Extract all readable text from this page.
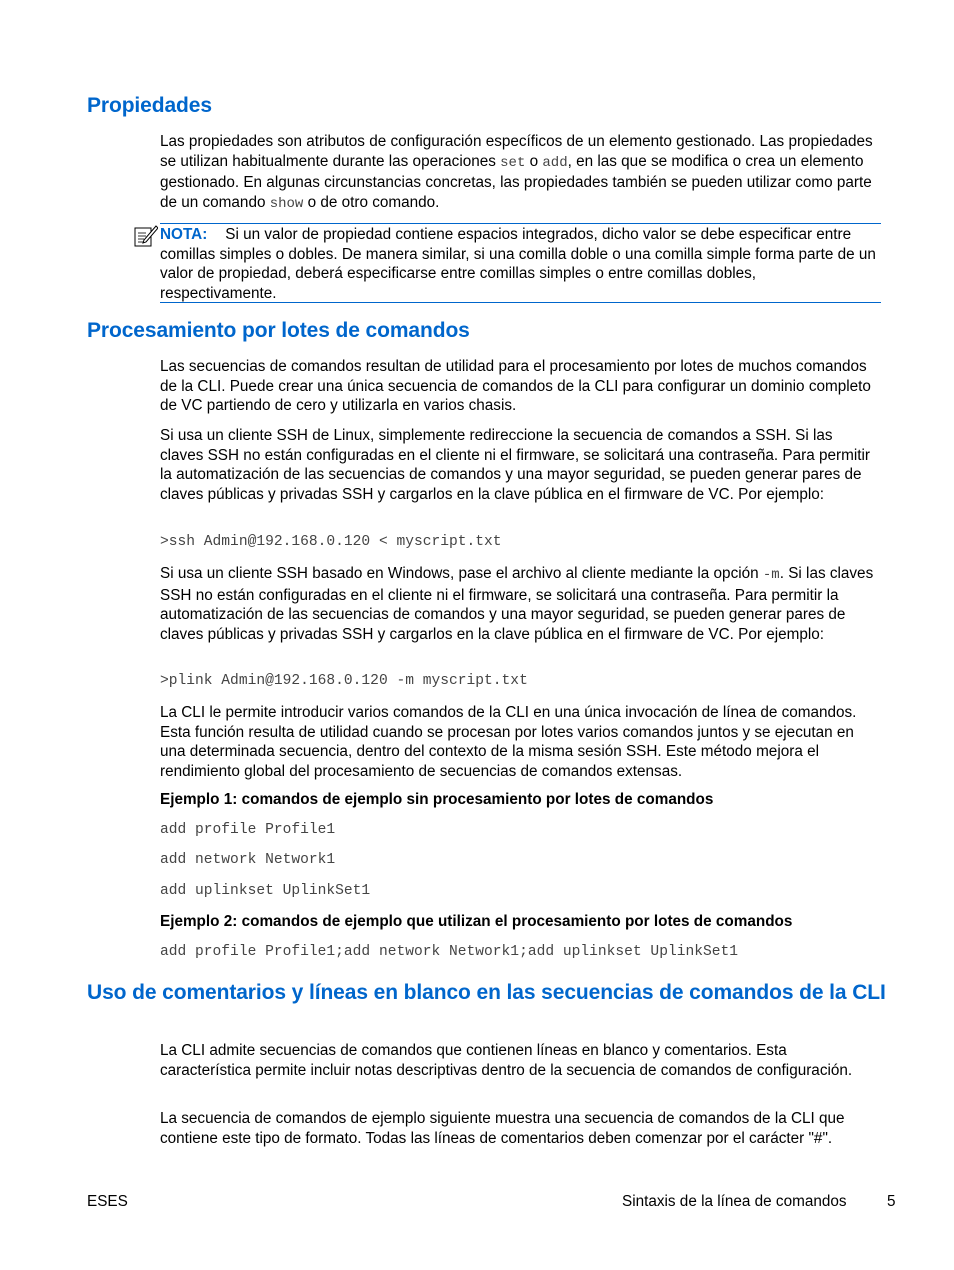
Propiedades

Las propiedades son atributos de configuración específicos de un elemento gestionado. Las propiedades se utilizan habitualmente durante las operaciones set o add, en las que se modifica o crea un elemento gestionado. En algunas circunstancias concretas, las propiedades también se pueden utilizar como parte de un comando show o de otro comando.

NOTA: Si un valor de propiedad contiene espacios integrados, dicho valor se debe especificar entre comillas simples o dobles. De manera similar, si una comilla doble o una comilla simple forma parte de un valor de propiedad, deberá especificarse entre comillas simples o entre comillas dobles, respectivamente.

Procesamiento por lotes de comandos

Las secuencias de comandos resultan de utilidad para el procesamiento por lotes de muchos comandos de la CLI. Puede crear una única secuencia de comandos de la CLI para configurar un dominio completo de VC partiendo de cero y utilizarla en varios chasis.

Si usa un cliente SSH de Linux, simplemente redireccione la secuencia de comandos a SSH. Si las claves SSH no están configuradas en el cliente ni el firmware, se solicitará una contraseña. Para permitir la automatización de las secuencias de comandos y una mayor seguridad, se pueden generar pares de claves públicas y privadas SSH y cargarlos en la clave pública en el firmware de VC. Por ejemplo:

>ssh Admin@192.168.0.120 < myscript.txt

Si usa un cliente SSH basado en Windows, pase el archivo al cliente mediante la opción -m. Si las claves SSH no están configuradas en el cliente ni el firmware, se solicitará una contraseña. Para permitir la automatización de las secuencias de comandos y una mayor seguridad, se pueden generar pares de claves públicas y privadas SSH y cargarlos en la clave pública en el firmware de VC. Por ejemplo:

>plink Admin@192.168.0.120 -m myscript.txt

La CLI le permite introducir varios comandos de la CLI en una única invocación de línea de comandos. Esta función resulta de utilidad cuando se procesan por lotes varios comandos juntos y se ejecutan en una determinada secuencia, dentro del contexto de la misma sesión SSH. Este método mejora el rendimiento global del procesamiento de secuencias de comandos extensas.

Ejemplo 1: comandos de ejemplo sin procesamiento por lotes de comandos

add profile Profile1

add network Network1

add uplinkset UplinkSet1

Ejemplo 2: comandos de ejemplo que utilizan el procesamiento por lotes de comandos

add profile Profile1;add network Network1;add uplinkset UplinkSet1

Uso de comentarios y líneas en blanco en las secuencias de comandos de la CLI

La CLI admite secuencias de comandos que contienen líneas en blanco y comentarios. Esta característica permite incluir notas descriptivas dentro de la secuencia de comandos de configuración.

La secuencia de comandos de ejemplo siguiente muestra una secuencia de comandos de la CLI que contiene este tipo de formato. Todas las líneas de comentarios deben comenzar por el carácter "#".

ESES	Sintaxis de la línea de comandos	5
